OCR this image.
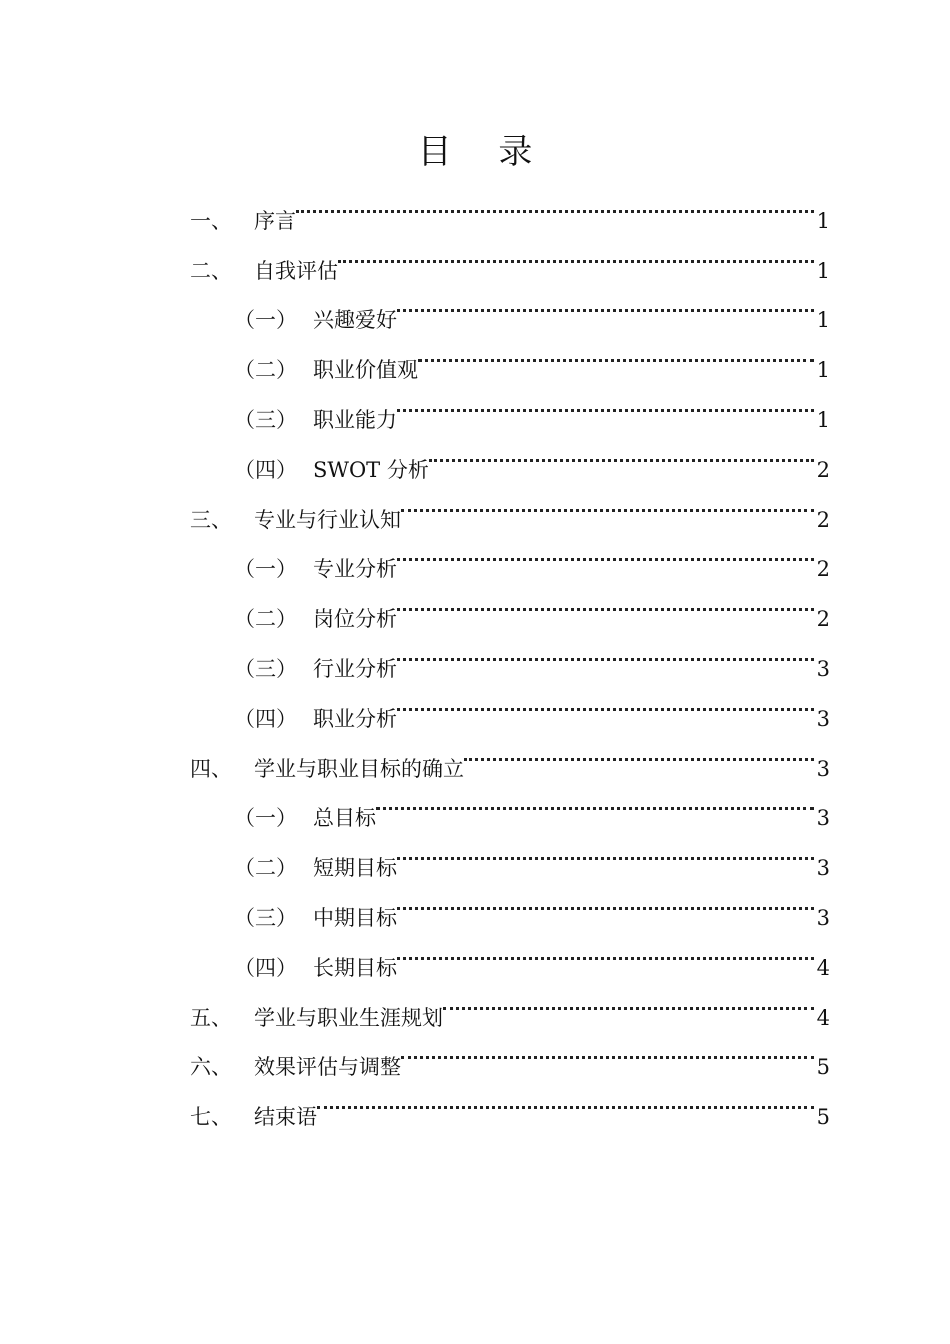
目 录
一、	序言	1
二、	自我评估	1
（一） 兴趣爱好	1
（二） 职业价值观	1
（三） 职业能力	1
（四） SWOT 分析	2
三、	专业与行业认知	2
（一） 专业分析	2
（二） 岗位分析	2
（三） 行业分析	3
（四） 职业分析	3
四、	学业与职业目标的确立	3
（一） 总目标	3
（二） 短期目标	3
（三） 中期目标	3
（四） 长期目标	4
五、	学业与职业生涯规划	4
六、	效果评估与调整	5
七、	结束语	5
